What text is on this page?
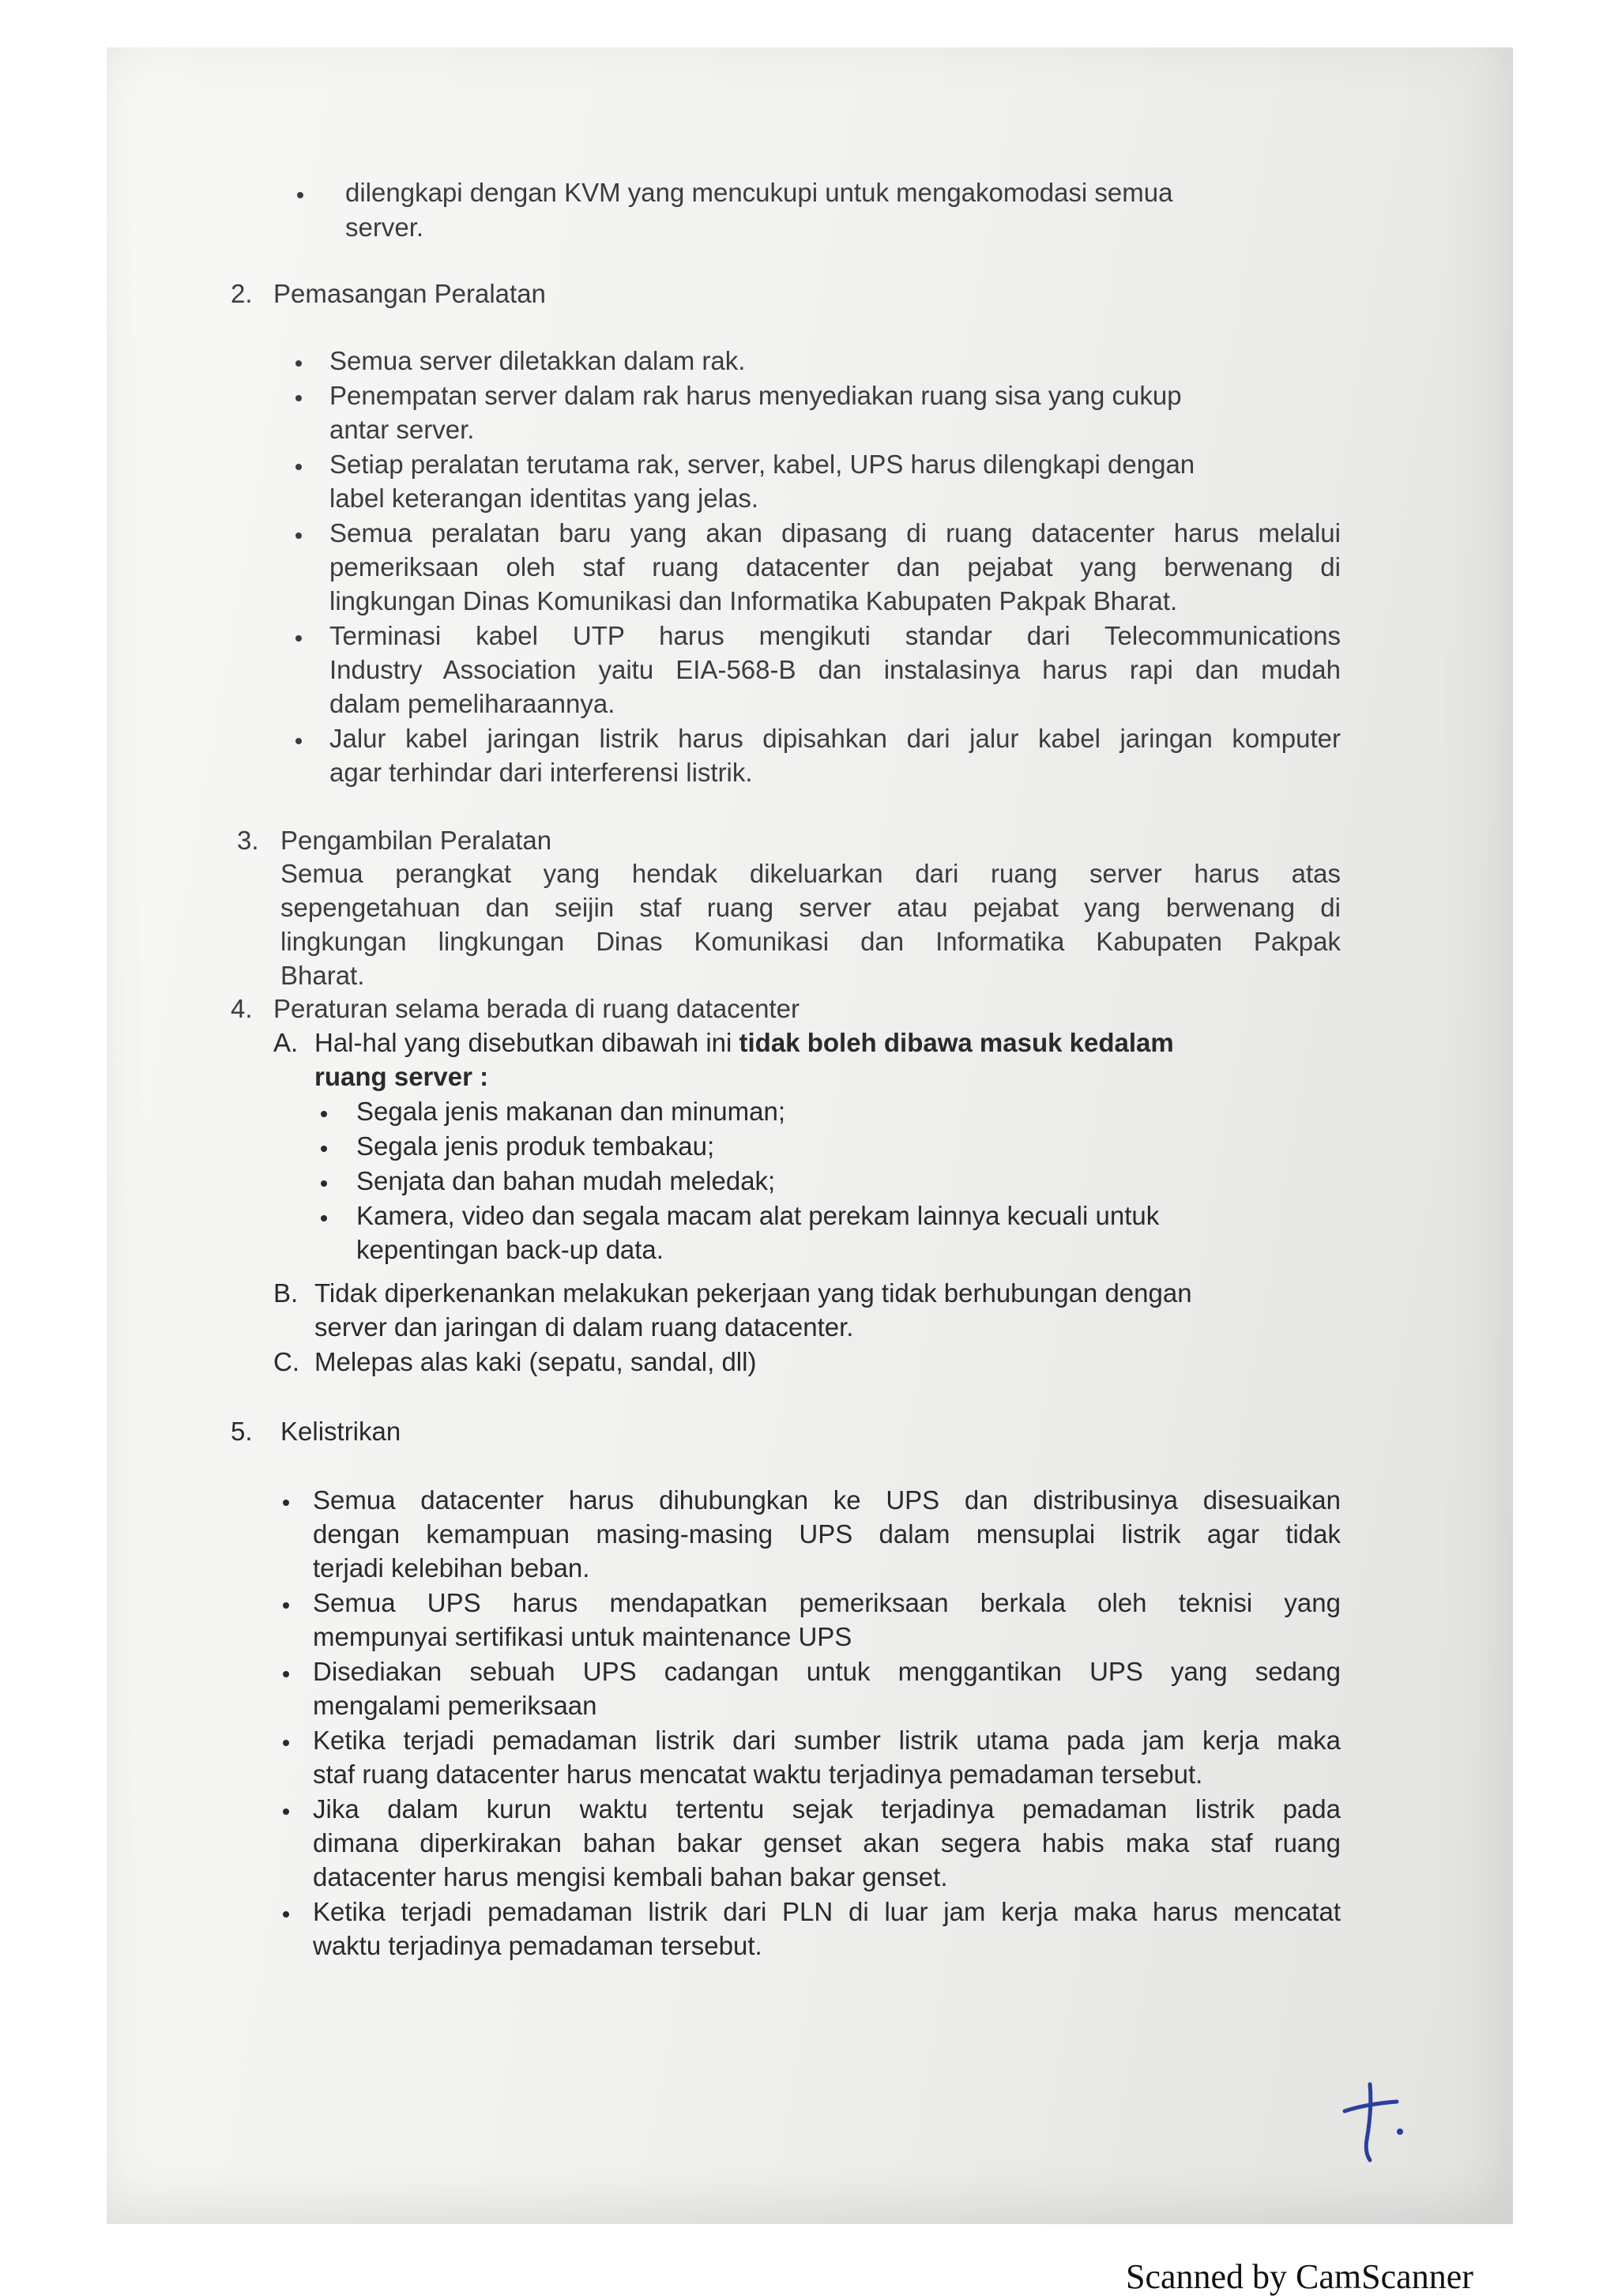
dilengkapi dengan KVM yang mencukupi untuk mengakomodasi semua
server.
2. Pemasangan Peralatan
Semua server diletakkan dalam rak.
Penempatan server dalam rak harus menyediakan ruang sisa yang cukup
antar server.
Setiap peralatan terutama rak, server, kabel, UPS harus dilengkapi dengan
label keterangan identitas yang jelas.
Semua peralatan baru yang akan dipasang di ruang datacenter harus melalui
pemeriksaan oleh staf ruang datacenter dan pejabat yang berwenang di
lingkungan Dinas Komunikasi dan Informatika Kabupaten Pakpak Bharat.
Terminasi kabel UTP harus mengikuti standar dari Telecommunications
Industry Association yaitu EIA-568-B dan instalasinya harus rapi dan mudah
dalam pemeliharaannya.
Jalur kabel jaringan listrik harus dipisahkan dari jalur kabel jaringan komputer
agar terhindar dari interferensi listrik.
3. Pengambilan Peralatan
Semua perangkat yang hendak dikeluarkan dari ruang server harus atas
sepengetahuan dan seijin staf ruang server atau pejabat yang berwenang di
lingkungan lingkungan Dinas Komunikasi dan Informatika Kabupaten Pakpak
Bharat.
4. Peraturan selama berada di ruang datacenter
A. Hal-hal yang disebutkan dibawah ini tidak boleh dibawa masuk kedalam
ruang server :
Segala jenis makanan dan minuman;
Segala jenis produk tembakau;
Senjata dan bahan mudah meledak;
Kamera, video dan segala macam alat perekam lainnya kecuali untuk
kepentingan back-up data.
B. Tidak diperkenankan melakukan pekerjaan yang tidak berhubungan dengan
server dan jaringan di dalam ruang datacenter.
C. Melepas alas kaki (sepatu, sandal, dll)
5. Kelistrikan
Semua datacenter harus dihubungkan ke UPS dan distribusinya disesuaikan
dengan kemampuan masing-masing UPS dalam mensuplai listrik agar tidak
terjadi kelebihan beban.
Semua UPS harus mendapatkan pemeriksaan berkala oleh teknisi yang
mempunyai sertifikasi untuk maintenance UPS
Disediakan sebuah UPS cadangan untuk menggantikan UPS yang sedang
mengalami pemeriksaan
Ketika terjadi pemadaman listrik dari sumber listrik utama pada jam kerja maka
staf ruang datacenter harus mencatat waktu terjadinya pemadaman tersebut.
Jika dalam kurun waktu tertentu sejak terjadinya pemadaman listrik pada
dimana diperkirakan bahan bakar genset akan segera habis maka staf ruang
datacenter harus mengisi kembali bahan bakar genset.
Ketika terjadi pemadaman listrik dari PLN di luar jam kerja maka harus mencatat
waktu terjadinya pemadaman tersebut.
Scanned by CamScanner
